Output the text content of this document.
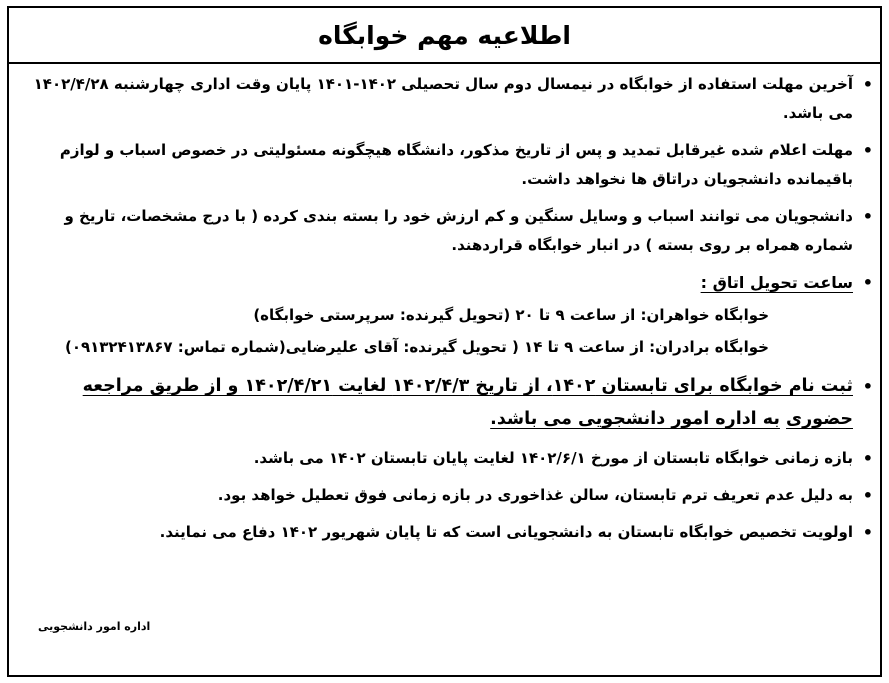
اطلاعیه مهم خوابگاه
•
آخرین مهلت استفاده از خوابگاه در نیمسال دوم سال تحصیلی ۱۴۰۲-۱۴۰۱ پایان وقت اداری چهارشنبه ۱۴۰۲/۴/۲۸ می باشد.
•
مهلت اعلام شده غیرقابل تمدید و پس از تاریخ مذکور، دانشگاه هیچگونه مسئولیتی در خصوص اسباب و لوازم باقیمانده دانشجویان دراتاق ها نخواهد داشت.
•
دانشجویان می توانند اسباب و وسایل سنگین و کم ارزش خود را بسته بندی کرده ( با درج مشخصات، تاریخ و شماره همراه بر روی بسته ) در انبار خوابگاه قراردهند.
•
ساعت تحویل اتاق :
خوابگاه خواهران: از ساعت ۹ تا ۲۰ (تحویل گیرنده: سرپرستی خوابگاه)
خوابگاه برادران: از ساعت ۹ تا ۱۴ ( تحویل گیرنده: آقای علیرضایی(شماره تماس: ۰۹۱۳۲۴۱۳۸۶۷)
•
ثبت نام خوابگاه برای تابستان ۱۴۰۲، از تاریخ ۱۴۰۲/۴/۳ لغایت ۱۴۰۲/۴/۲۱ و از طریق مراجعه حضوری به اداره امور دانشجویی می باشد.
•
بازه زمانی خوابگاه تابستان از مورخ ۱۴۰۲/۶/۱ لغایت پایان تابستان ۱۴۰۲ می باشد.
•
به دلیل عدم تعریف ترم تابستان، سالن غذاخوری در بازه زمانی فوق تعطیل خواهد بود.
•
اولویت تخصیص خوابگاه تابستان به دانشجویانی است که تا پایان شهریور ۱۴۰۲ دفاع می نمایند.
اداره امور دانشجویی
